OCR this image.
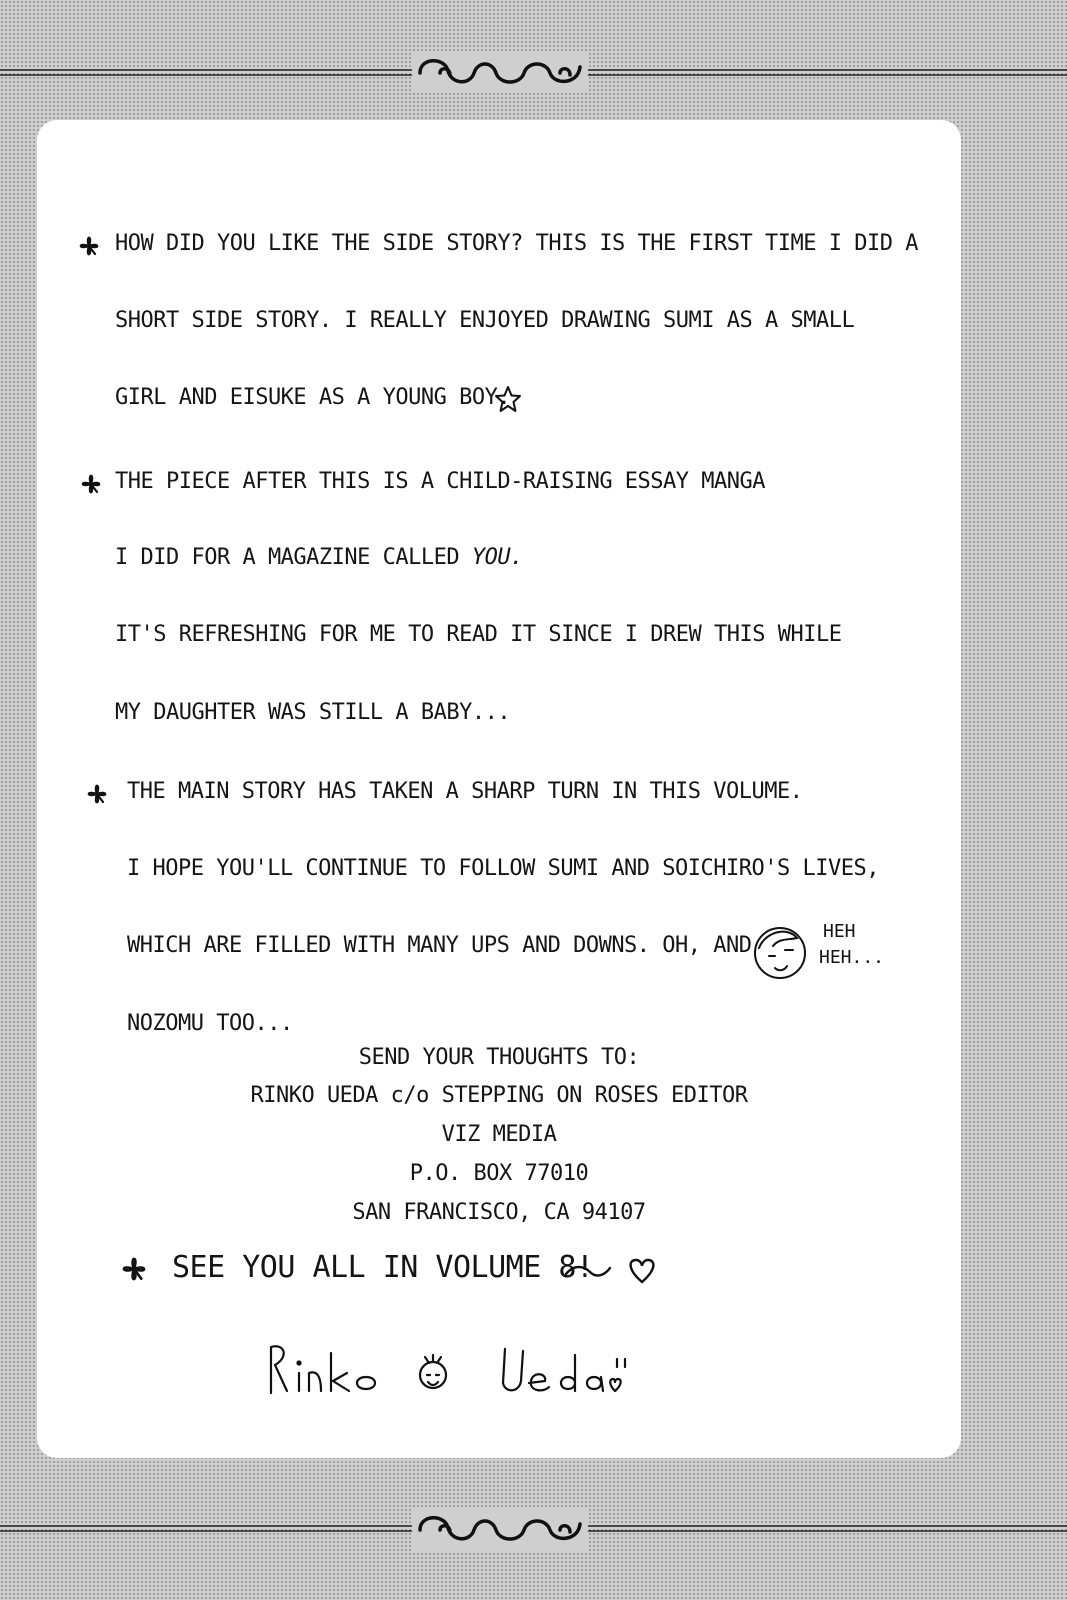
HOW DID YOU LIKE THE SIDE STORY? THIS IS THE FIRST TIME I DID A

SHORT SIDE STORY. I REALLY ENJOYED DRAWING SUMI AS A SMALL

GIRL AND EISUKE AS A YOUNG BOY.

THE PIECE AFTER THIS IS A CHILD-RAISING ESSAY MANGA

I DID FOR A MAGAZINE CALLED YOU.

IT'S REFRESHING FOR ME TO READ IT SINCE I DREW THIS WHILE

MY DAUGHTER WAS STILL A BABY...

THE MAIN STORY HAS TAKEN A SHARP TURN IN THIS VOLUME.

I HOPE YOU'LL CONTINUE TO FOLLOW SUMI AND SOICHIRO'S LIVES,

WHICH ARE FILLED WITH MANY UPS AND DOWNS. OH, AND

NOZOMU TOO...

HEH

HEH...

SEND YOUR THOUGHTS TO:

RINKO UEDA c/o STEPPING ON ROSES EDITOR

VIZ MEDIA

P.O. BOX 77010

SAN FRANCISCO, CA 94107

SEE YOU ALL IN VOLUME 8!
